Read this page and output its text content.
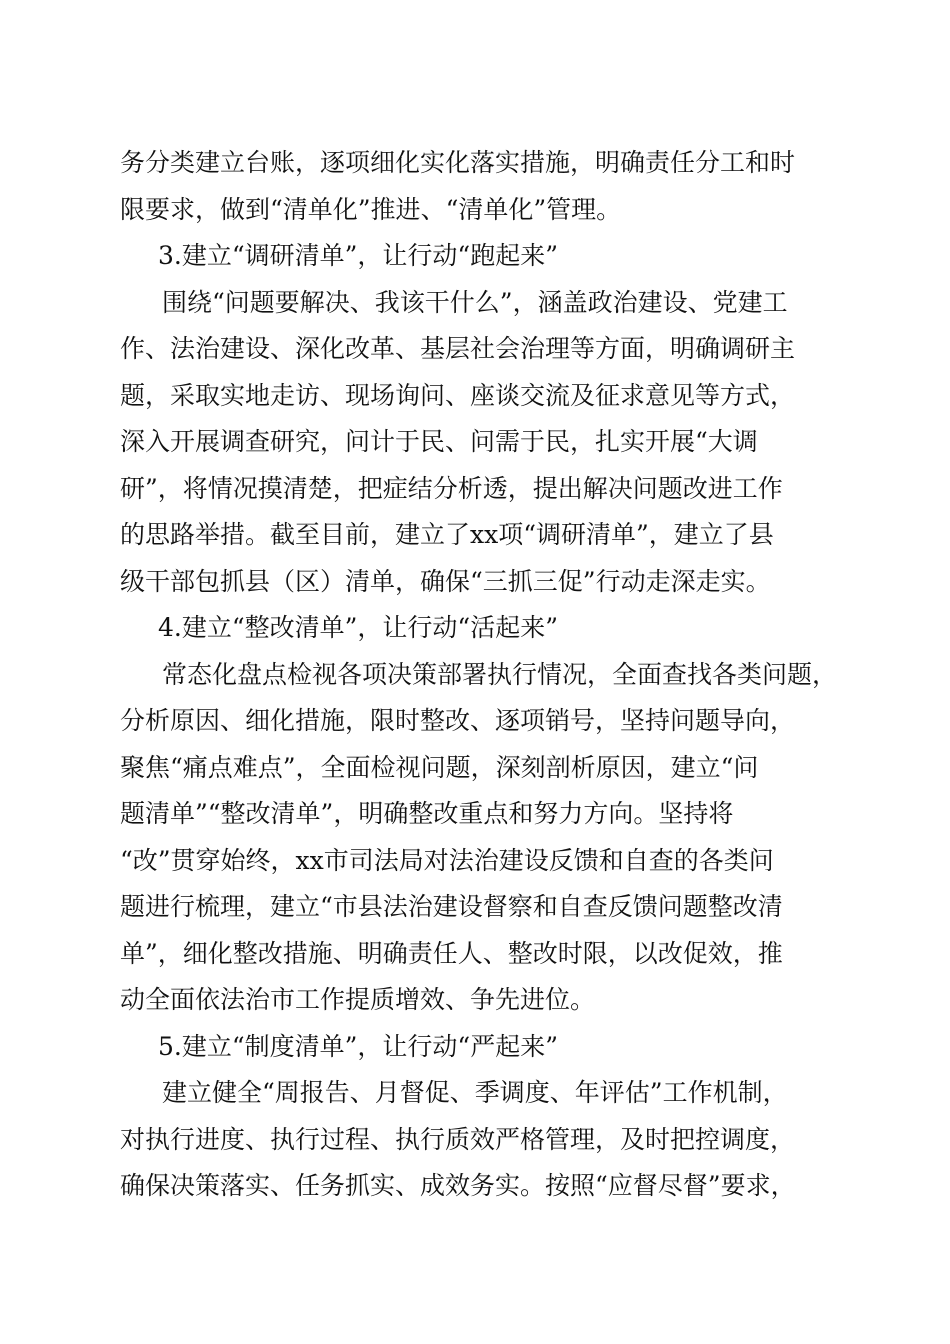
务分类建立台账，逐项细化实化落实措施，明确责任分工和时
限要求，做到“清单化”推进、“清单化”管理。
3.建立“调研清单”，让行动“跑起来”
围绕“问题要解决、我该干什么”，涵盖政治建设、党建工
作、法治建设、深化改革、基层社会治理等方面，明确调研主
题，采取实地走访、现场询问、座谈交流及征求意见等方式，
深入开展调查研究，问计于民、问需于民，扎实开展“大调
研”，将情况摸清楚，把症结分析透，提出解决问题改进工作
的思路举措。截至目前，建立了xx项“调研清单”，建立了县
级干部包抓县（区）清单，确保“三抓三促”行动走深走实。
4.建立“整改清单”，让行动“活起来”
常态化盘点检视各项决策部署执行情况，全面查找各类问题，
分析原因、细化措施，限时整改、逐项销号，坚持问题导向，
聚焦“痛点难点”，全面检视问题，深刻剖析原因，建立“问
题清单”“整改清单”，明确整改重点和努力方向。坚持将
“改”贯穿始终，xx市司法局对法治建设反馈和自查的各类问
题进行梳理，建立“市县法治建设督察和自查反馈问题整改清
单”，细化整改措施、明确责任人、整改时限，以改促效，推
动全面依法治市工作提质增效、争先进位。
5.建立“制度清单”，让行动“严起来”
建立健全“周报告、月督促、季调度、年评估”工作机制，
对执行进度、执行过程、执行质效严格管理，及时把控调度，
确保决策落实、任务抓实、成效务实。按照“应督尽督”要求，
